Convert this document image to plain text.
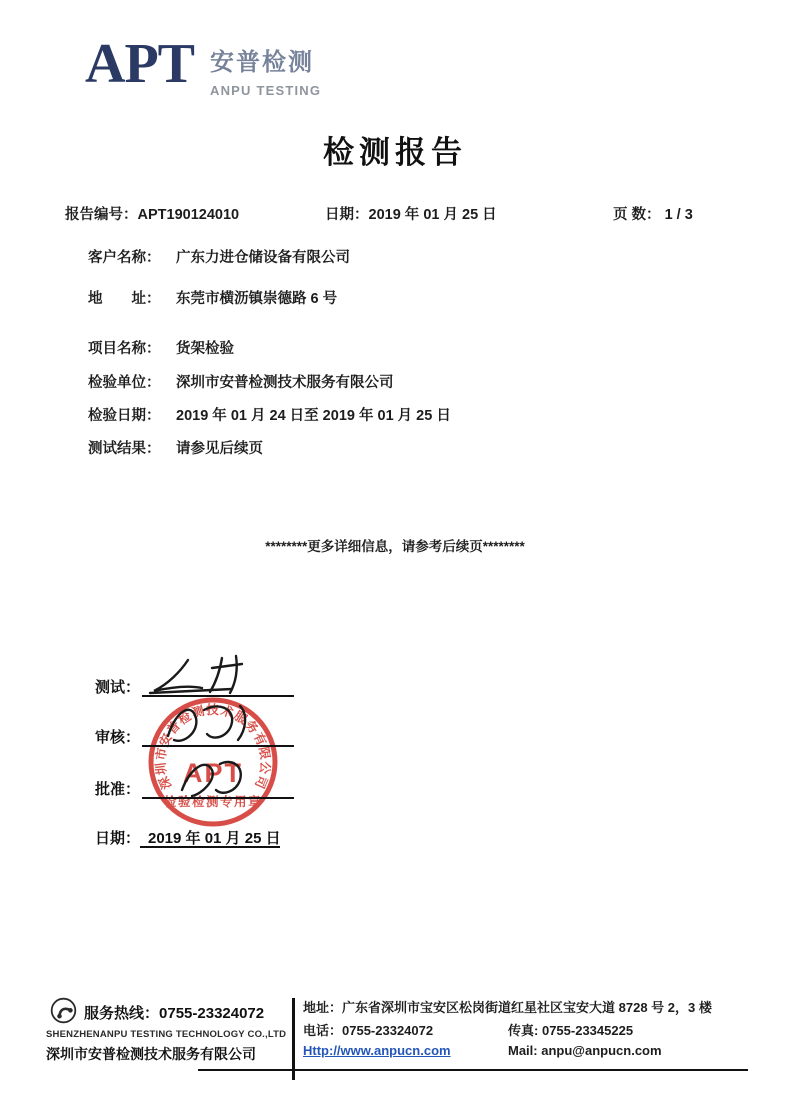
APT 安普检测
ANPU TESTING
检测报告
报告编号：APT190124010	日期：2019 年 01 月 25 日	页 数： 1 / 3
客户名称： 广东力进仓储设备有限公司
地　　址： 东莞市横沥镇崇德路 6 号
项目名称： 货架检验
检验单位： 深圳市安普检测技术服务有限公司
检验日期： 2019 年 01 月 24 日至 2019 年 01 月 25 日
测试结果： 请参见后续页
********更多详细信息，请参考后续页********
测试：
审核：
批准：
日期： 2019 年 01 月 25 日
深圳市安普检测技术服务有限公司
APT
检验检测专用章
服务热线：0755-23324072
SHENZHENANPU TESTING TECHNOLOGY CO.,LTD
深圳市安普检测技术服务有限公司
地址：广东省深圳市宝安区松岗街道红星社区宝安大道 8728 号 2，3 楼
电话：0755-23324072	传真: 0755-23345225
Http://www.anpucn.com	Mail: anpu@anpucn.com
